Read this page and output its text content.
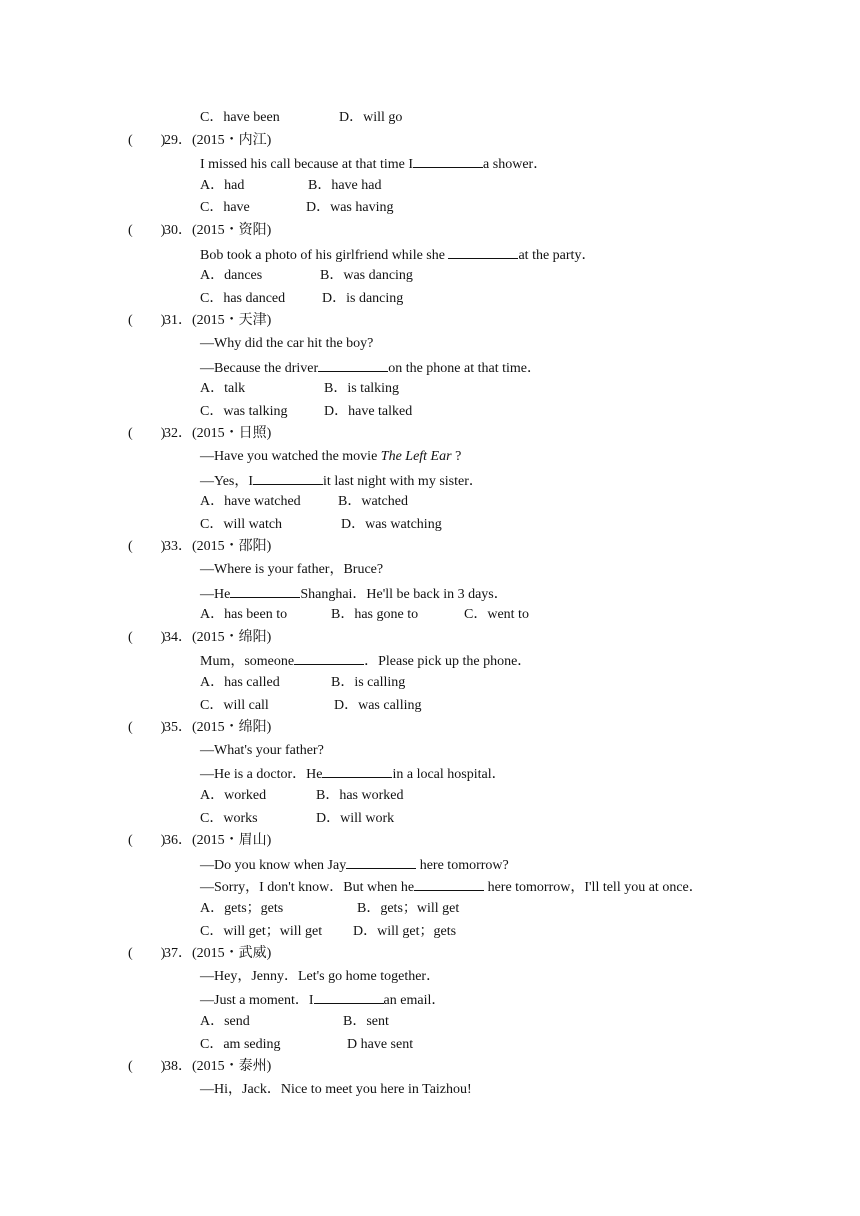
C．have been	D．will go
(　　)
29．(2015・内江)
I missed his call because at that time I	a shower．
A．had	B．have had
C．have	D．was having
(　　)
30．(2015・资阳)
Bob took a photo of his girlfriend while she	at the party．
A．dances	B．was dancing
C．has danced	D．is dancing
(　　)
31．(2015・天津)
—Why did the car hit the boy?
—Because the driver	on the phone at that time．
A．talk	B．is talking
C．was talking	D．have talked
(　　)
32．(2015・日照)
—Have you watched the movie The Left Ear ?
—Yes，I	it last night with my sister．
A．have watched	B．watched
C．will watch	D．was watching
(　　)
33．(2015・邵阳)
—Where is your father，Bruce?
—He	Shanghai．He'll be back in 3 days．
A．has been to	B．has gone to	C．went to
(　　)
34．(2015・绵阳)
Mum，someone	．Please pick up the phone．
A．has called	B．is calling
C．will call	D．was calling
(　　)
35．(2015・绵阳)
—What's your father?
—He is a doctor．He	in a local hospital．
A．worked	B．has worked
C．works	D．will work
(　　)
36．(2015・眉山)
—Do you know when Jay	here tomorrow?
—Sorry，I don't know．But when he	here tomorrow，I'll tell you at once．
A．gets；gets	B．gets；will get
C．will get；will get D．will get；gets
(　　)
37．(2015・武威)
—Hey，Jenny．Let's go home together．
—Just a moment．I	an email．
A．send	B．sent
C．am seding	D have sent
(　　)
38．(2015・泰州)
—Hi，Jack．Nice to meet you here in Taizhou!
